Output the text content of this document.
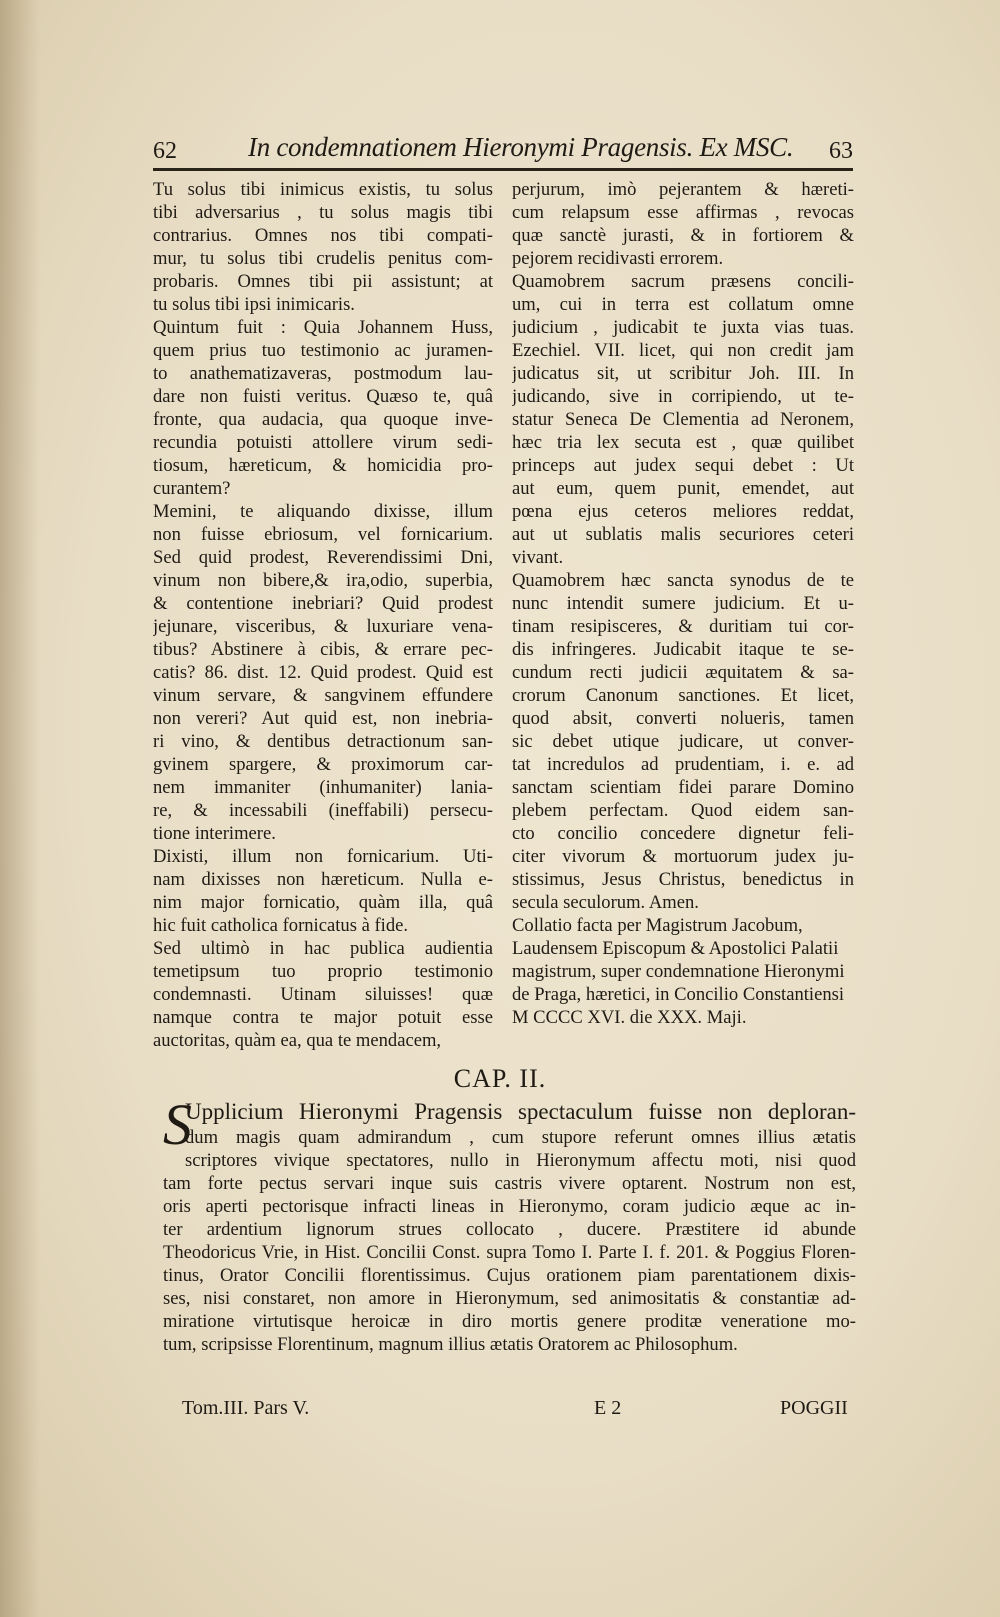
62	In condemnationem Hieronymi Pragensis. Ex MSC. 63
Tu solus tibi inimicus existis, tu solus
tibi adversarius , tu solus magis tibi
contrarius. Omnes nos tibi compati-
mur, tu solus tibi crudelis penitus com-
probaris. Omnes tibi pii assistunt; at
tu solus tibi ipsi inimicaris.
Quintum fuit : Quia Johannem Huss,
quem prius tuo testimonio ac juramen-
to anathematizaveras, postmodum lau-
dare non fuisti veritus. Quæso te, quâ
fronte, qua audacia, qua quoque inve-
recundia potuisti attollere virum sedi-
tiosum, hæreticum, & homicidia pro-
curantem?
Memini, te aliquando dixisse, illum
non fuisse ebriosum, vel fornicarium.
Sed quid prodest, Reverendissimi Dni,
vinum non bibere,& ira,odio, superbia,
& contentione inebriari? Quid prodest
jejunare, visceribus, & luxuriare vena-
tibus? Abstinere à cibis, & errare pec-
catis? 86. dist. 12. Quid prodest. Quid est
vinum servare, & sangvinem effundere
non vereri? Aut quid est, non inebria-
ri vino, & dentibus detractionum san-
gvinem spargere, & proximorum car-
nem immaniter (inhumaniter) lania-
re, & incessabili (ineffabili) persecu-
tione interimere.
Dixisti, illum non fornicarium. Uti-
nam dixisses non hæreticum. Nulla e-
nim major fornicatio, quàm illa, quâ
hic fuit catholica fornicatus à fide.
Sed ultimò in hac publica audientia
temetipsum tuo proprio testimonio
condemnasti. Utinam siluisses! quæ
namque contra te major potuit esse
auctoritas, quàm ea, qua te mendacem,
perjurum, imò pejerantem & hæreti-
cum relapsum esse affirmas , revocas
quæ sanctè jurasti, & in fortiorem &
pejorem recidivasti errorem.
Quamobrem sacrum præsens concili-
um, cui in terra est collatum omne
judicium , judicabit te juxta vias tuas.
Ezechiel. VII. licet, qui non credit jam
judicatus sit, ut scribitur Joh. III. In
judicando, sive in corripiendo, ut te-
statur Seneca De Clementia ad Neronem,
hæc tria lex secuta est , quæ quilibet
princeps aut judex sequi debet : Ut
aut eum, quem punit, emendet, aut
pœna ejus ceteros meliores reddat,
aut ut sublatis malis securiores ceteri
vivant.
Quamobrem hæc sancta synodus de te
nunc intendit sumere judicium. Et u-
tinam resipisceres, & duritiam tui cor-
dis infringeres. Judicabit itaque te se-
cundum recti judicii æquitatem & sa-
crorum Canonum sanctiones. Et licet,
quod absit, converti nolueris, tamen
sic debet utique judicare, ut conver-
tat incredulos ad prudentiam, i. e. ad
sanctam scientiam fidei parare Domino
plebem perfectam. Quod eidem san-
cto concilio concedere dignetur feli-
citer vivorum & mortuorum judex ju-
stissimus, Jesus Christus, benedictus in
secula seculorum. Amen.
Collatio facta per Magistrum Jacobum,
Laudensem Episcopum & Apostolici Palatii
magistrum, super condemnatione Hieronymi
de Praga, hæretici, in Concilio Constantiensi
M CCCC XVI. die XXX. Maji.
CAP. II.
S
Upplicium Hieronymi Pragensis spectaculum fuisse non deploran-
dum magis quam admirandum , cum stupore referunt omnes illius ætatis
scriptores vivique spectatores, nullo in Hieronymum affectu moti, nisi quod
tam forte pectus servari inque suis castris vivere optarent. Nostrum non est,
oris aperti pectorisque infracti lineas in Hieronymo, coram judicio æque ac in-
ter ardentium lignorum strues collocato , ducere. Præstitere id abunde
Theodoricus Vrie, in Hist. Concilii Const. supra Tomo I. Parte I. f. 201. & Poggius Floren-
tinus, Orator Concilii florentissimus. Cujus orationem piam parentationem dixis-
ses, nisi constaret, non amore in Hieronymum, sed animositatis & constantiæ ad-
miratione virtutisque heroicæ in diro mortis genere proditæ veneratione mo-
tum, scripsisse Florentinum, magnum illius ætatis Oratorem ac Philosophum.
Tom.III. Pars V.	E 2	POGGII
